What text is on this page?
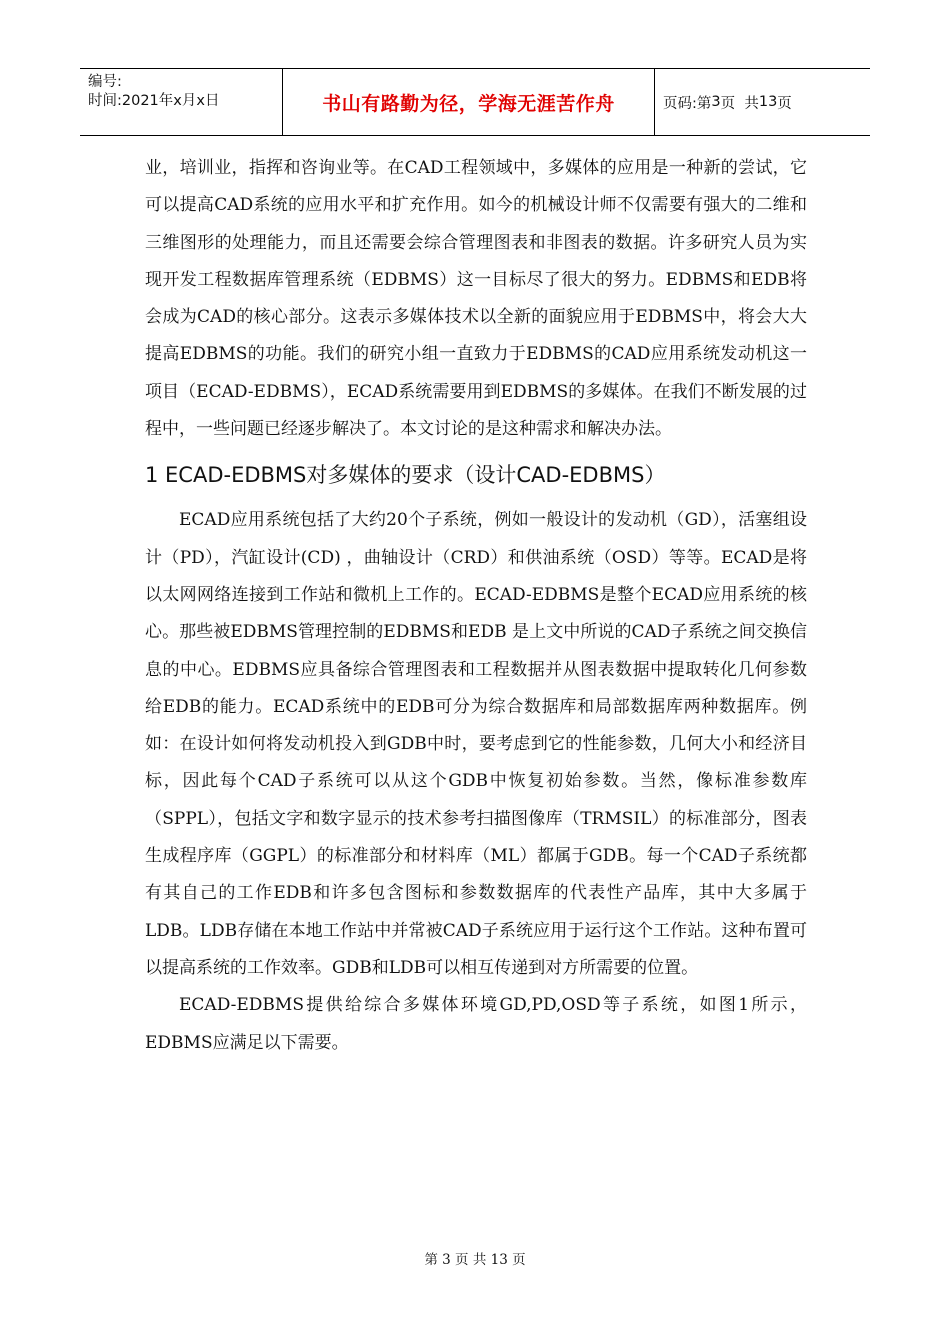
编号:
时间:2021年x月x日	书山有路勤为径，学海无涯苦作舟	页码:第 3 页  共 13 页

业，培训业，指挥和咨询业等。在CAD工程领域中，多媒体的应用是一种新的尝试，它可以提高CAD系统的应用水平和扩充作用。如今的机械设计师不仅需要有强大的二维和三维图形的处理能力，而且还需要会综合管理图表和非图表的数据。许多研究人员为实现开发工程数据库管理系统（EDBMS）这一目标尽了很大的努力。EDBMS和EDB将会成为CAD的核心部分。这表示多媒体技术以全新的面貌应用于EDBMS中，将会大大提高EDBMS的功能。我们的研究小组一直致力于EDBMS的CAD应用系统发动机这一项目（ECAD-EDBMS），ECAD系统需要用到EDBMS的多媒体。在我们不断发展的过程中，一些问题已经逐步解决了。本文讨论的是这种需求和解决办法。

1 ECAD-EDBMS对多媒体的要求（设计CAD-EDBMS）

ECAD应用系统包括了大约20个子系统，例如一般设计的发动机（GD），活塞组设计（PD），汽缸设计(CD) ，曲轴设计（CRD）和供油系统（OSD）等等。ECAD是将以太网网络连接到工作站和微机上工作的。ECAD-EDBMS是整个ECAD应用系统的核心。那些被EDBMS管理控制的EDBMS和EDB 是上文中所说的CAD子系统之间交换信息的中心。EDBMS应具备综合管理图表和工程数据并从图表数据中提取转化几何参数给EDB的能力。ECAD系统中的EDB可分为综合数据库和局部数据库两种数据库。例如：在设计如何将发动机投入到GDB中时，要考虑到它的性能参数，几何大小和经济目标，因此每个CAD子系统可以从这个GDB中恢复初始参数。当然，像标准参数库（SPPL），包括文字和数字显示的技术参考扫描图像库（TRMSIL）的标准部分，图表生成程序库（GGPL）的标准部分和材料库（ML）都属于GDB。每一个CAD子系统都有其自己的工作EDB和许多包含图标和参数数据库的代表性产品库，其中大多属于LDB。LDB存储在本地工作站中并常被CAD子系统应用于运行这个工作站。这种布置可以提高系统的工作效率。GDB和LDB可以相互传递到对方所需要的位置。

ECAD-EDBMS提供给综合多媒体环境GD,PD,OSD等子系统，如图1所示，EDBMS应满足以下需要。

第 3 页 共 13 页
